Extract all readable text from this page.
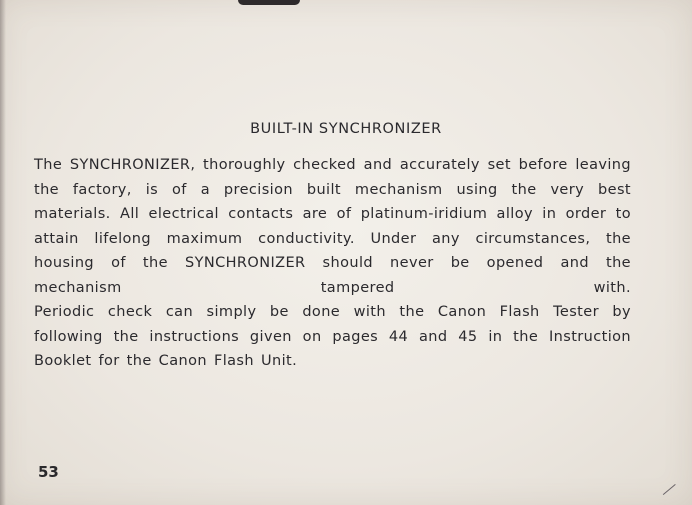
BUILT-IN SYNCHRONIZER

The SYNCHRONIZER, thoroughly checked and accurately set before leaving the factory, is of a precision built mechanism using the very best materials. All electrical contacts are of platinum-iridium alloy in order to attain lifelong maximum conductivity. Under any circumstances, the housing of the SYNCHRONIZER should never be opened and the mechanism tampered with.

Periodic check can simply be done with the Canon Flash Tester by following the instructions given on pages 44 and 45 in the Instruction Booklet for the Canon Flash Unit.

53
